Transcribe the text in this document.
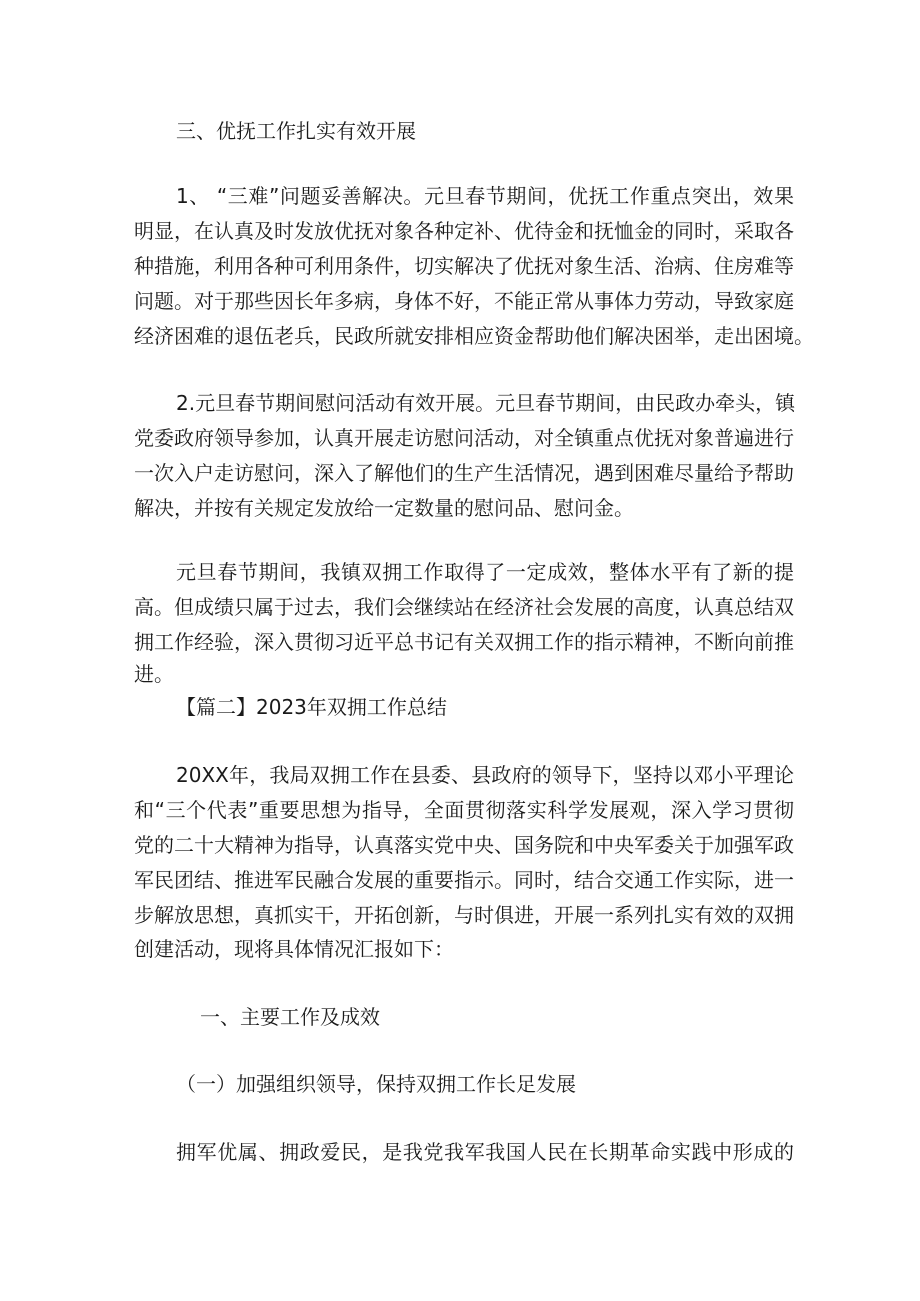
三、优抚工作扎实有效开展
1、 “三难”问题妥善解决。元旦春节期间，优抚工作重点突出，效果
明显，在认真及时发放优抚对象各种定补、优待金和抚恤金的同时，采取各
种措施，利用各种可利用条件，切实解决了优抚对象生活、治病、住房难等
问题。对于那些因长年多病，身体不好，不能正常从事体力劳动，导致家庭
经济困难的退伍老兵，民政所就安排相应资金帮助他们解决困举，走出困境。
2.元旦春节期间慰问活动有效开展。元旦春节期间，由民政办牵头，镇
党委政府领导参加，认真开展走访慰问活动，对全镇重点优抚对象普遍进行
一次入户走访慰问，深入了解他们的生产生活情况，遇到困难尽量给予帮助
解决，并按有关规定发放给一定数量的慰问品、慰问金。
元旦春节期间，我镇双拥工作取得了一定成效，整体水平有了新的提
高。但成绩只属于过去，我们会继续站在经济社会发展的高度，认真总结双
拥工作经验，深入贯彻习近平总书记有关双拥工作的指示精神，不断向前推
进。
【篇二】2023年双拥工作总结
20XX年，我局双拥工作在县委、县政府的领导下，坚持以邓小平理论
和“三个代表”重要思想为指导，全面贯彻落实科学发展观，深入学习贯彻
党的二十大精神为指导，认真落实党中央、国务院和中央军委关于加强军政
军民团结、推进军民融合发展的重要指示。同时，结合交通工作实际，进一
步解放思想，真抓实干，开拓创新，与时俱进，开展一系列扎实有效的双拥
创建活动，现将具体情况汇报如下：
一、主要工作及成效
（一）加强组织领导，保持双拥工作长足发展
拥军优属、拥政爱民，是我党我军我国人民在长期革命实践中形成的
